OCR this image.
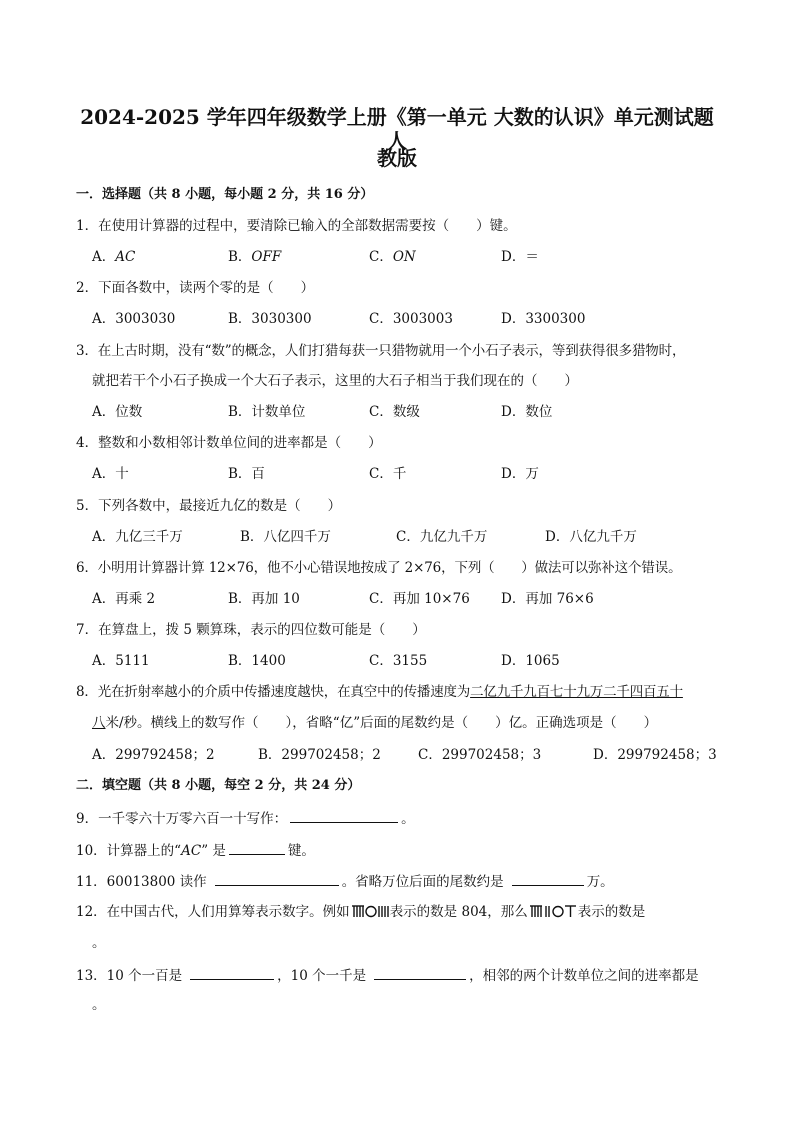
2024-2025 学年四年级数学上册《第一单元 大数的认识》单元测试题 人
教版
一．选择题（共 8 小题，每小题 2 分，共 16 分）
1．在使用计算器的过程中，要清除已输入的全部数据需要按（　　）键。
A．AC	B．OFF	C．ON	D．＝
2．下面各数中，读两个零的是（　　）
A．3003030	B．3030300	C．3003003	D．3300300
3．在上古时期，没有“数”的概念，人们打猎每获一只猎物就用一个小石子表示，等到获得很多猎物时，
就把若干个小石子换成一个大石子表示，这里的大石子相当于我们现在的（　　）
A．位数	B．计数单位	C．数级	D．数位
4．整数和小数相邻计数单位间的进率都是（　　）
A．十	B．百	C．千	D．万
5．下列各数中，最接近九亿的数是（　　）
A．九亿三千万	B．八亿四千万	C．九亿九千万	D．八亿九千万
6．小明用计算器计算 12×76，他不小心错误地按成了 2×76，下列（　　）做法可以弥补这个错误。
A．再乘 2	B．再加 10	C．再加 10×76 D．再加 76×6
7．在算盘上，拨 5 颗算珠，表示的四位数可能是（　　）
A．5111	B．1400	C．3155	D．1065
8．光在折射率越小的介质中传播速度越快，在真空中的传播速度为二亿九千九百七十九万二千四百五十
八米/秒。横线上的数写作（　　），省略“亿”后面的尾数约是（　　）亿。正确选项是（　　）
A．299792458；2	B．299702458；2	C．299702458；3	D．299792458；3
二．填空题（共 8 小题，每空 2 分，共 24 分）
9．一千零六十万零六百一十写作：	。
10．计算器上的“AC” 是	键。
11．60013800 读作	。省略万位后面的尾数约是	万。
12．在中国古代，人们用算筹表示数字。例如	表示的数是 804，那么	表示的数是
。
13．10 个一百是	，10 个一千是	，相邻的两个计数单位之间的进率都是
。
